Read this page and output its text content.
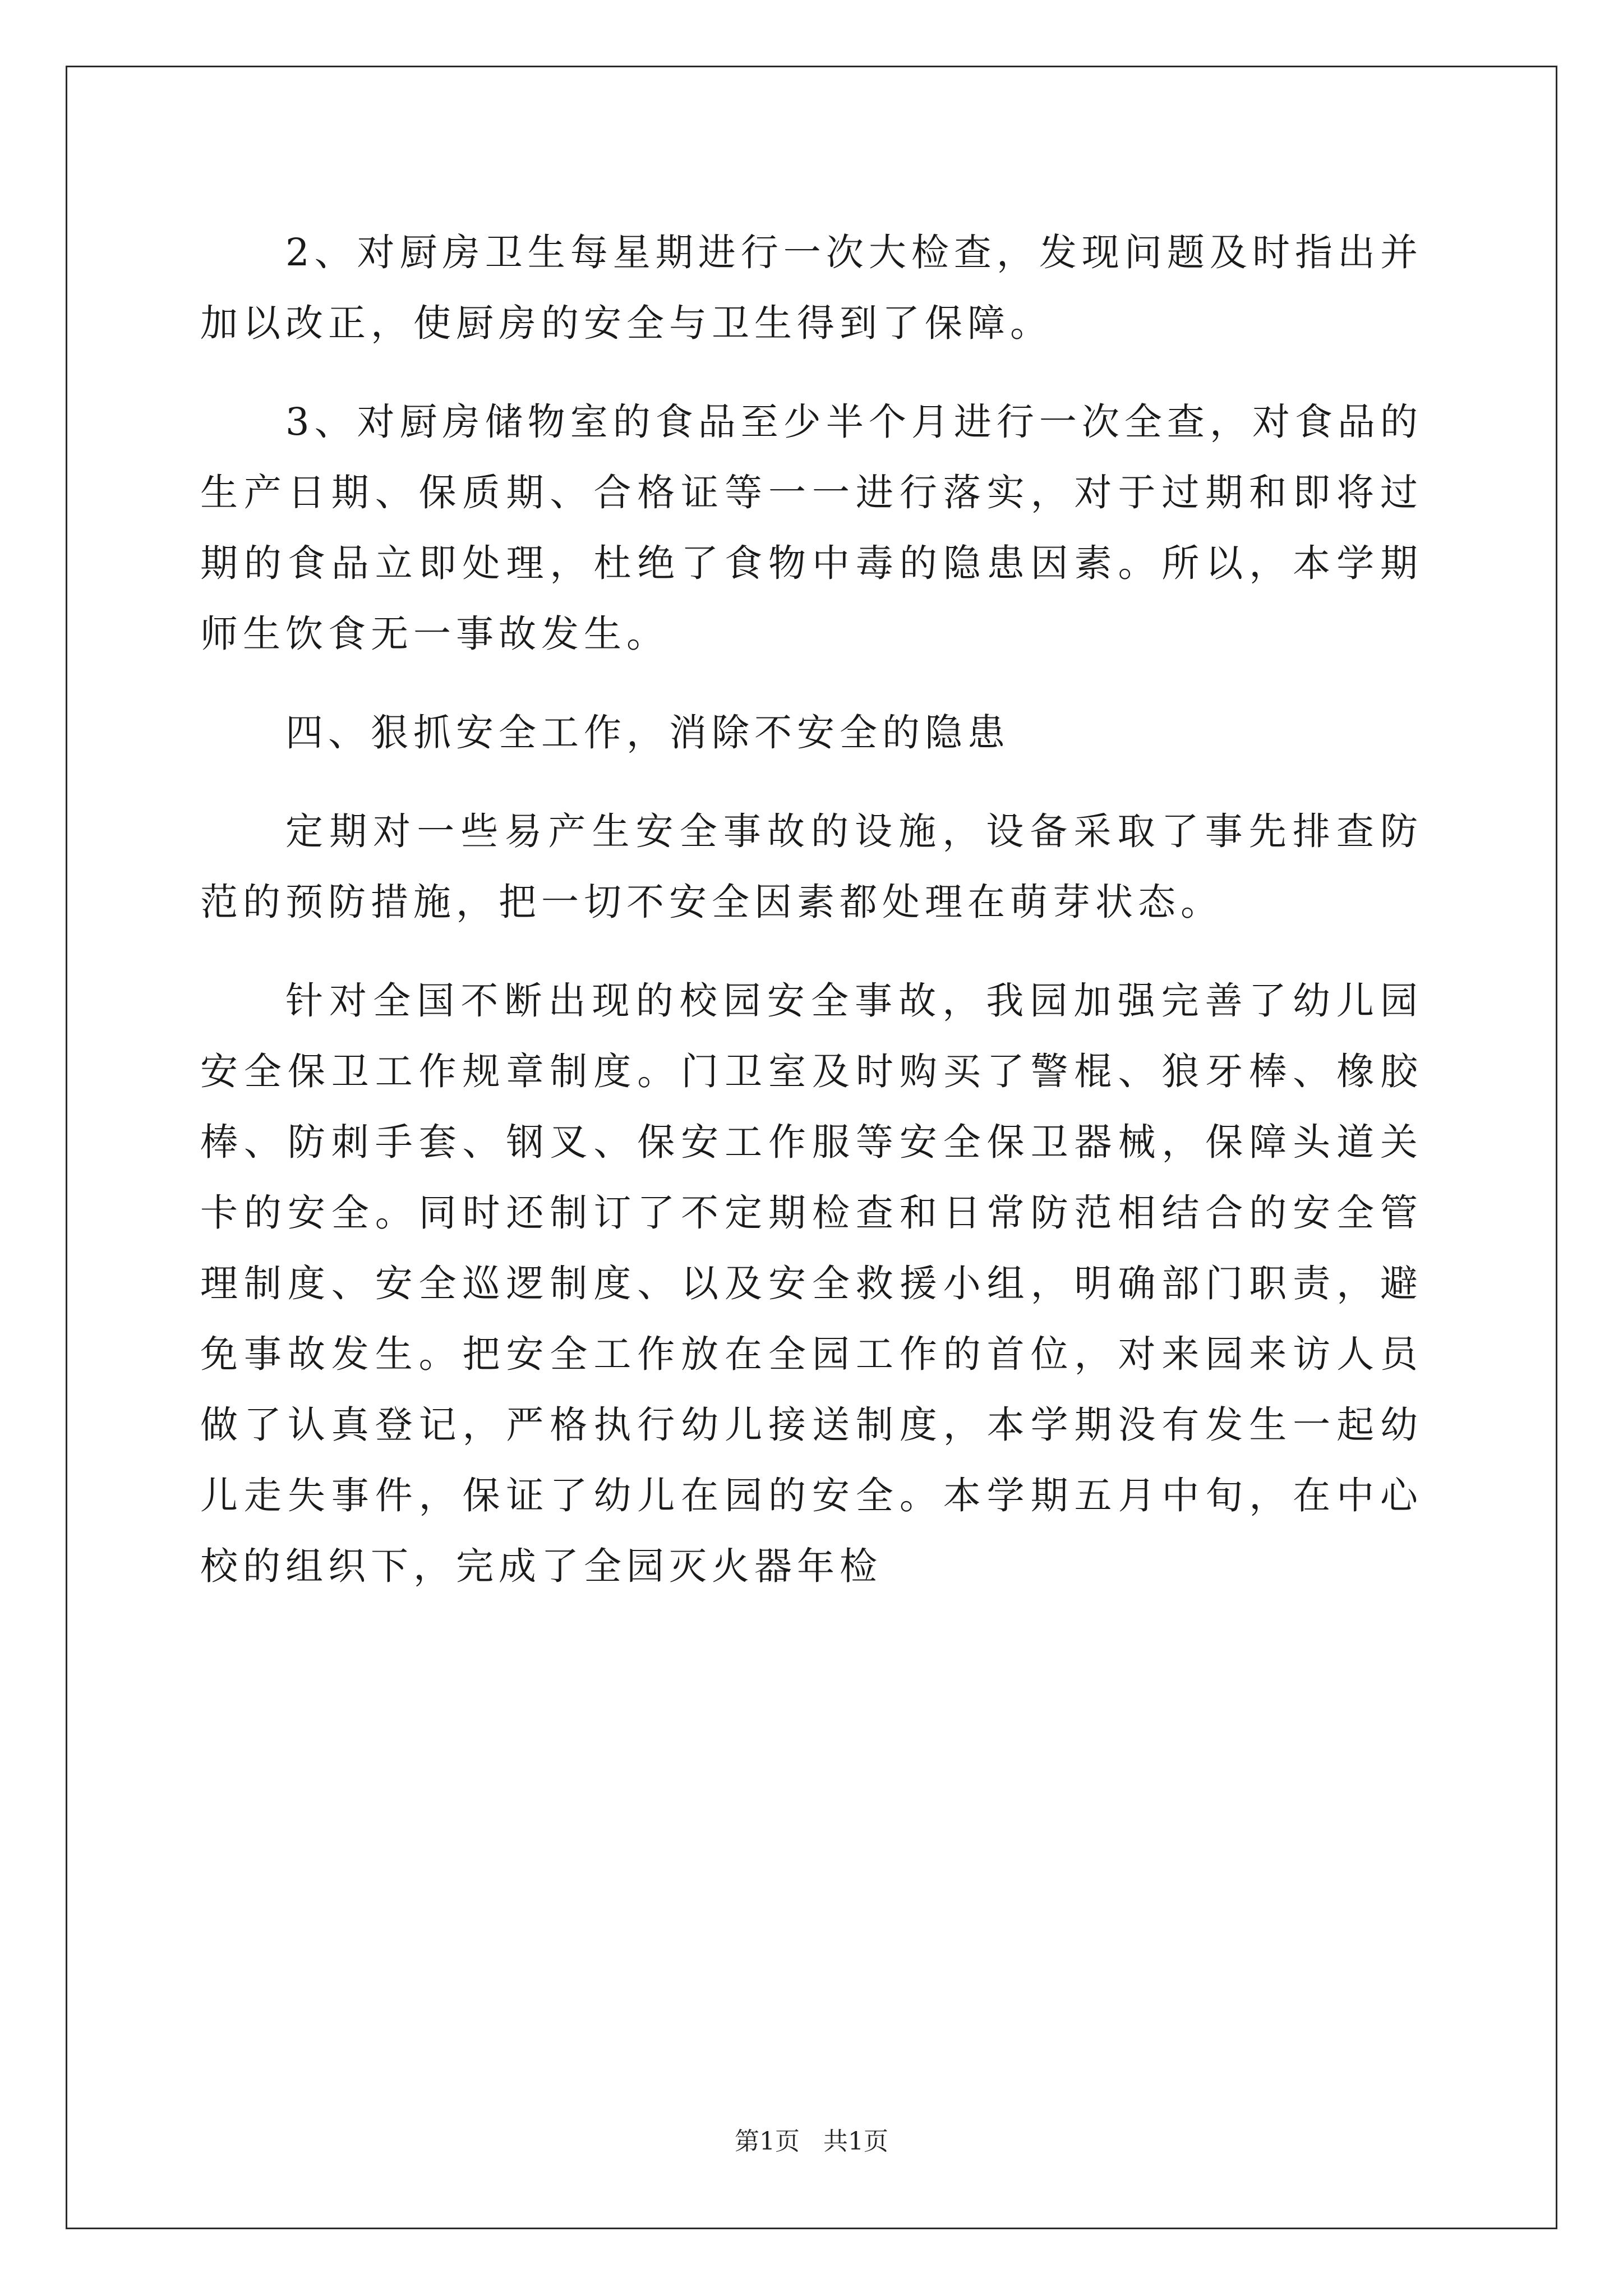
2、对厨房卫生每星期进行一次大检查，发现问题及时指出并加以改正，使厨房的安全与卫生得到了保障。

3、对厨房储物室的食品至少半个月进行一次全查，对食品的生产日期、保质期、合格证等一一进行落实，对于过期和即将过期的食品立即处理，杜绝了食物中毒的隐患因素。所以，本学期师生饮食无一事故发生。

四、狠抓安全工作，消除不安全的隐患

定期对一些易产生安全事故的设施，设备采取了事先排查防范的预防措施，把一切不安全因素都处理在萌芽状态。

针对全国不断出现的校园安全事故，我园加强完善了幼儿园安全保卫工作规章制度。门卫室及时购买了警棍、狼牙棒、橡胶棒、防刺手套、钢叉、保安工作服等安全保卫器械，保障头道关卡的安全。同时还制订了不定期检查和日常防范相结合的安全管理制度、安全巡逻制度、以及安全救援小组，明确部门职责，避免事故发生。把安全工作放在全园工作的首位，对来园来访人员做了认真登记，严格执行幼儿接送制度，本学期没有发生一起幼儿走失事件，保证了幼儿在园的安全。本学期五月中旬，在中心校的组织下，完成了全园灭火器年检

第1页 共1页
